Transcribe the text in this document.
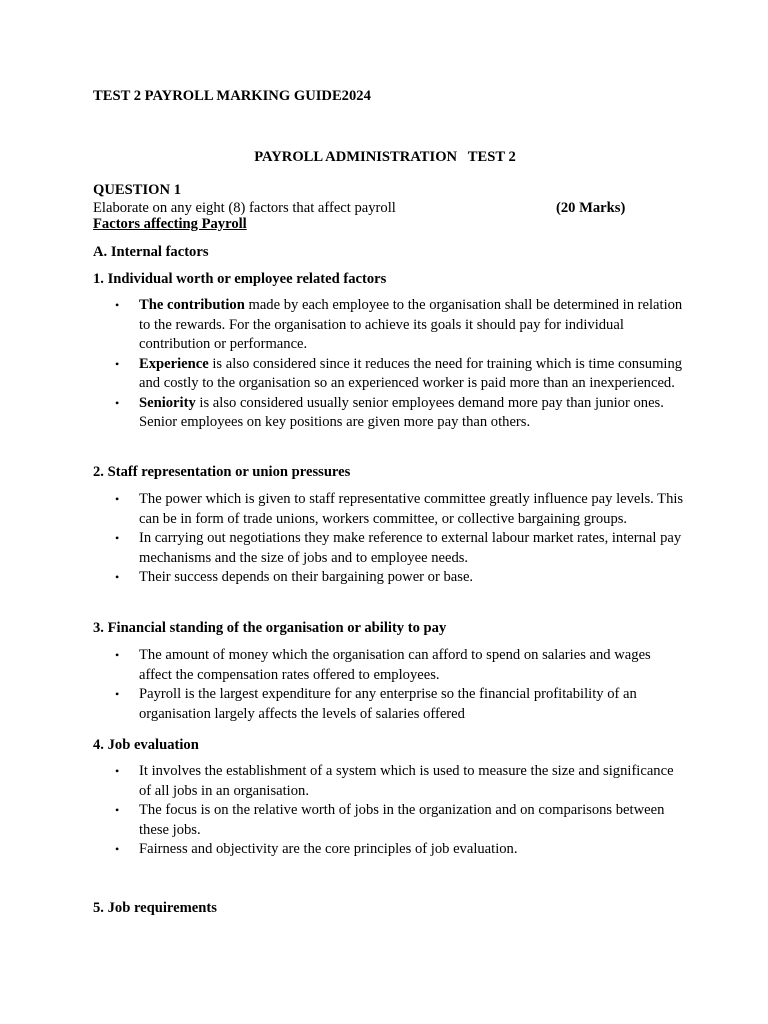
TEST 2 PAYROLL MARKING GUIDE2024
PAYROLL ADMINISTRATION   TEST 2
QUESTION 1
Elaborate on any eight (8) factors that affect payroll	(20 Marks)
Factors affecting Payroll
A. Internal factors
1. Individual worth or employee related factors
• The contribution made by each employee to the organisation shall be determined in relation to the rewards. For the organisation to achieve its goals it should pay for individual contribution or performance.
• Experience is also considered since it reduces the need for training which is time consuming and costly to the organisation so an experienced worker is paid more than an inexperienced.
• Seniority is also considered usually senior employees demand more pay than junior ones. Senior employees on key positions are given more pay than others.
2. Staff representation or union pressures
• The power which is given to staff representative committee greatly influence pay levels. This can be in form of trade unions, workers committee, or collective bargaining groups.
• In carrying out negotiations they make reference to external labour market rates, internal pay mechanisms and the size of jobs and to employee needs.
• Their success depends on their bargaining power or base.
3. Financial standing of the organisation or ability to pay
• The amount of money which the organisation can afford to spend on salaries and wages affect the compensation rates offered to employees.
• Payroll is the largest expenditure for any enterprise so the financial profitability of an organisation largely affects the levels of salaries offered
4. Job evaluation
• It involves the establishment of a system which is used to measure the size and significance of all jobs in an organisation.
• The focus is on the relative worth of jobs in the organization and on comparisons between these jobs.
• Fairness and objectivity are the core principles of job evaluation.
5. Job requirements
